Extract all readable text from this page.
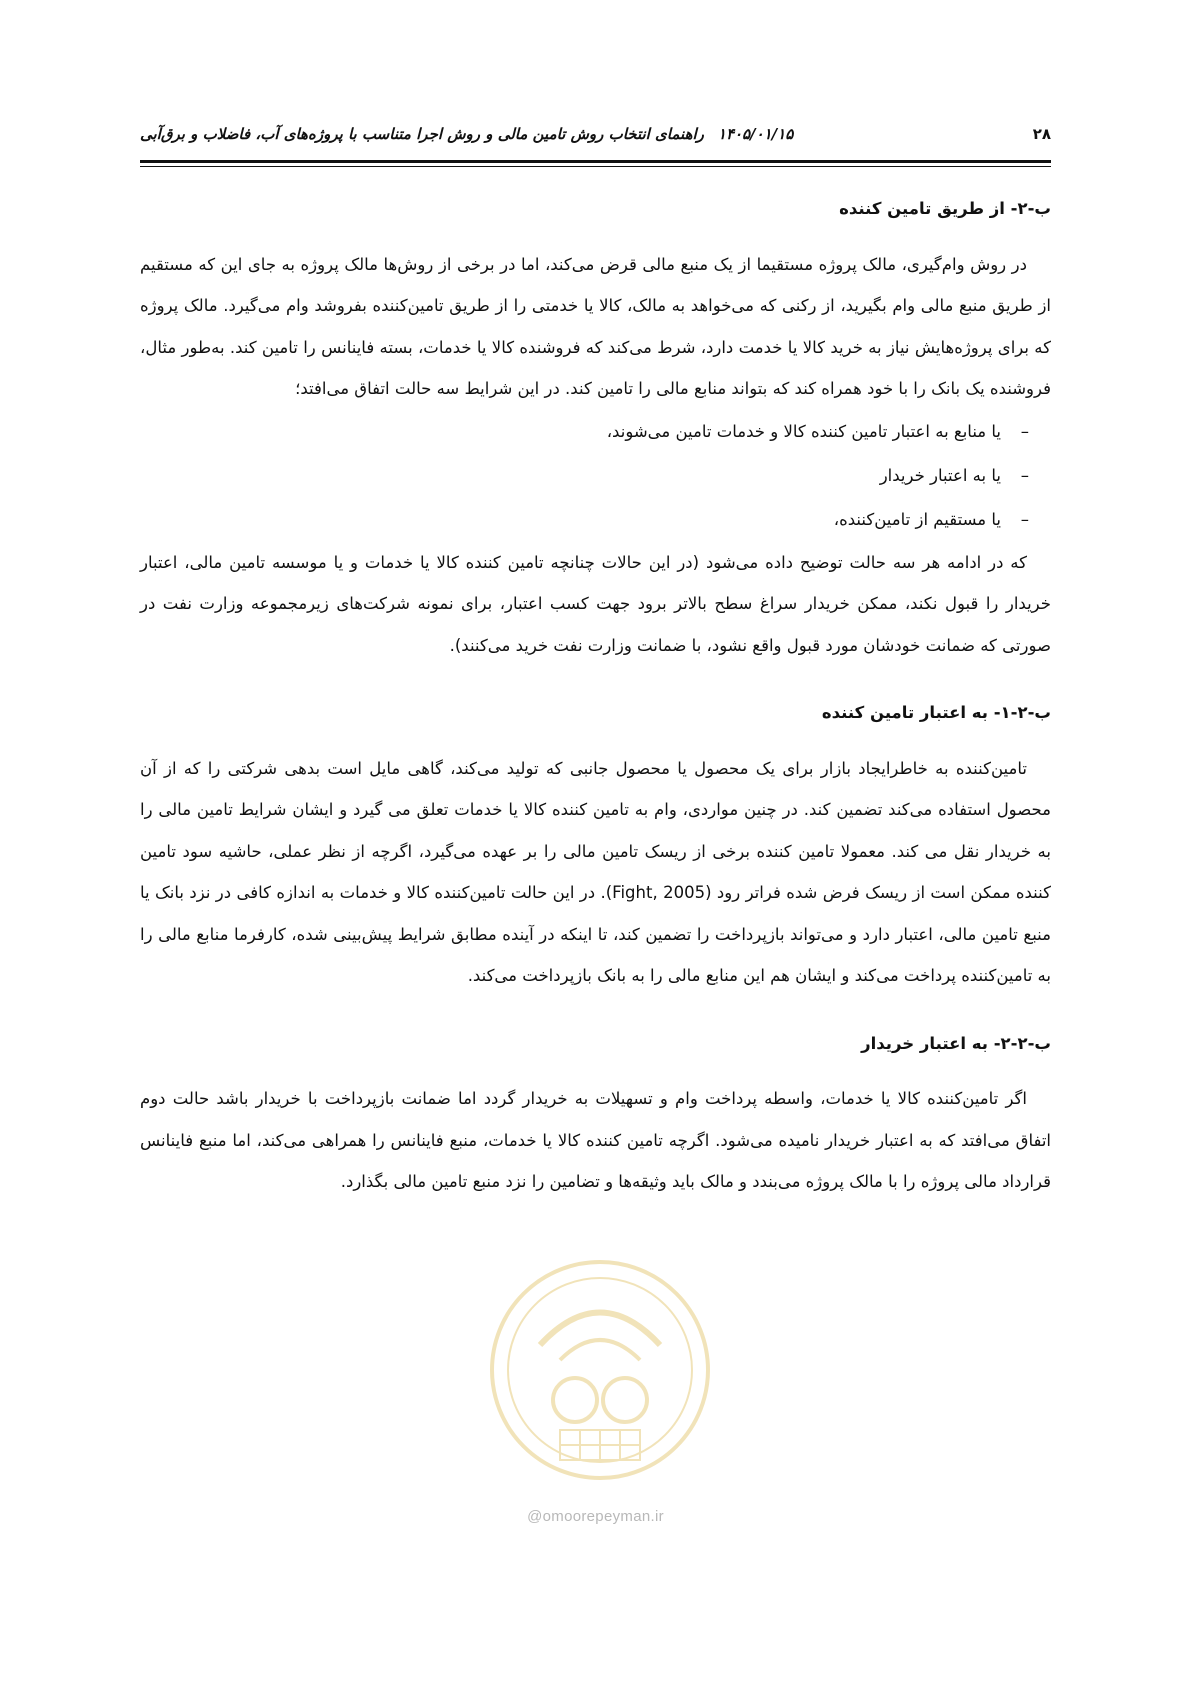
۲۸
۱۴۰۵/۰۱/۱۵راهنمای انتخاب روش تامین مالی و روش اجرا متناسب با پروژه‌های آب، فاضلاب و برق‌آبی
ب-۲- از طریق تامین کننده

در روش وام‌گیری، مالک پروژه مستقیما از یک منبع مالی قرض می‌کند، اما در برخی از روش‌ها مالک پروژه به جای این که مستقیم از طریق منبع مالی وام بگیرید، از رکنی که می‌خواهد به مالک، کالا یا خدمتی را از طریق تامین‌کننده بفروشد وام می‌گیرد. مالک پروژه که برای پروژه‌هایش نیاز به خرید کالا یا خدمت دارد، شرط می‌کند که فروشنده کالا یا خدمات، بسته فاینانس را تامین کند. به‌طور مثال، فروشنده یک بانک را با خود همراه کند که بتواند منابع مالی را تامین کند. در این شرایط سه حالت اتفاق می‌افتد؛

–یا منابع به اعتبار تامین کننده کالا و خدمات تامین می‌شوند،
–یا به اعتبار خریدار
–یا مستقیم از تامین‌کننده،

که در ادامه هر سه حالت توضیح داده می‌شود (در این حالات چنانچه تامین کننده کالا یا خدمات و یا موسسه تامین مالی، اعتبار خریدار را قبول نکند، ممکن خریدار سراغ سطح بالاتر برود جهت کسب اعتبار، برای نمونه شرکت‌های زیرمجموعه وزارت نفت در صورتی که ضمانت خودشان مورد قبول واقع نشود، با ضمانت وزارت نفت خرید می‌کنند).

ب-۲-۱- به اعتبار تامین کننده

تامین‌کننده به خاطرایجاد بازار برای یک محصول یا محصول جانبی که تولید می‌کند، گاهی مایل است بدهی شرکتی را که از آن محصول استفاده می‌کند تضمین کند. در چنین مواردی، وام به تامین کننده کالا یا خدمات تعلق می گیرد و ایشان شرایط تامین مالی را به خریدار نقل می کند. معمولا تامین کننده برخی از ریسک تامین مالی را بر عهده می‌گیرد، اگرچه از نظر عملی، حاشیه سود تامین کننده ممکن است از ریسک فرض شده فراتر رود (Fight, 2005). در این حالت تامین‌کننده کالا و خدمات به اندازه کافی در نزد بانک یا منبع تامین مالی، اعتبار دارد و می‌تواند بازپرداخت را تضمین کند، تا اینکه در آینده مطابق شرایط پیش‌بینی شده، کارفرما منابع مالی را به تامین‌کننده پرداخت می‌کند و ایشان هم این منابع مالی را به بانک بازپرداخت می‌کند.

ب-۲-۲- به اعتبار خریدار

اگر تامین‌کننده کالا یا خدمات، واسطه پرداخت وام و تسهیلات به خریدار گردد اما ضمانت بازپرداخت با خریدار باشد حالت دوم اتفاق می‌افتد که به اعتبار خریدار نامیده می‌شود. اگرچه تامین کننده کالا یا خدمات، منبع فاینانس را همراهی می‌کند، اما منبع فاینانس قرارداد مالی پروژه را با مالک پروژه می‌بندد و مالک باید وثیقه‌ها و تضامین را نزد منبع تامین مالی بگذارد.

@omoorepeyman.ir
